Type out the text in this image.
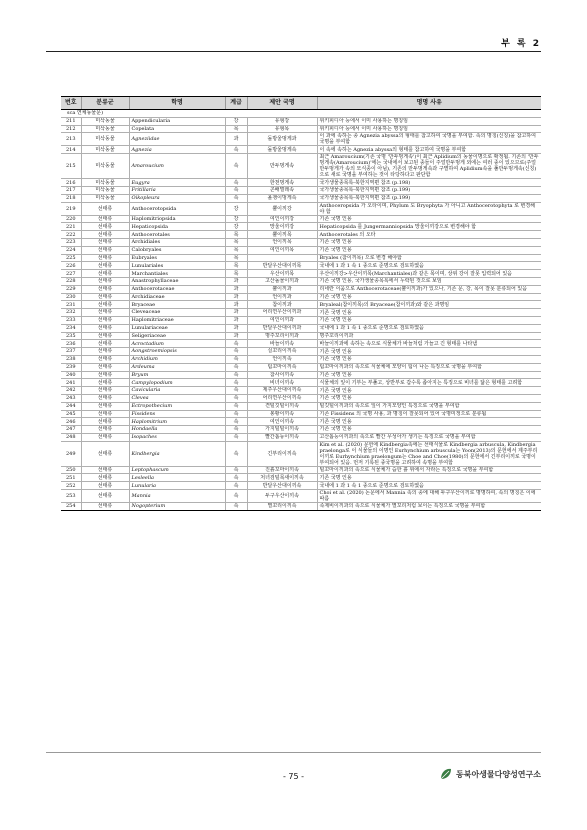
부 록 2
번호	분류군	학명	계급	제안 국명	명명 사유
sca 연체동물문)					
211	미삭동물	Appendicularia	강	유형강	위키피디아 등에서 이미 사용하는 명칭임
212	미삭동물	Copelata	목	유형목	위키피디아 등에서 이미 사용하는 명칭임
213	미삭동물	Agneziidae	과	돌방울멍게과	이 과에 속하는 종 Agnezia abyssa의 형태를 참고하여 국명을 부여함. 속의 명칭(신칭)을 참고하여 국명을 부여함
214	미삭동물	Agnezia	속	돌방울멍게속	이 속에 속하는 Agnezia abyssa의 형태를 참고하여 국명을 부여함
215	미삭동물	Amaroucium	속	만두멍게속	최근 Amaroucium(기존 국명 '만두멍게속')이 최근 Aplidium의 동물이명으로 확정됨. 기존의 '만두멍게속(Amaroucium)'에는 국내에서 보고된 종들이 주얼만두멍게 외에는 여러 종이 있으므로(주얼만두멍게가 속의 모식종이 아님), 기존의 만두멍게속과 구별하여 Aplidium속을 풀만두멍게속(신칭)으로 새로 국명을 부여하는 것이 타당하다고 판단함
216	미삭동물	Eugyra	속	한천멍게속	국가생물종목록-북한지역편 참조 (p.198)
217	미삭동물	Fritillaria	속	곤배멀레속	국가생물종목록-북한지역편 참조 (p.199)
218	미삭동물	Oikopleura	속	올챙이멍게속	국가생물종목록-북한지역편 참조 (p.199)
219	선태류	Anthocerotopsida	강	뿔이끼강	Anthoceropsida 가 오타이며, Phylum 도 Bryophyta 가 아니고 Anthocerotophyta 로 변경해야 함
220	선태류	Haplomitriopsida	강	여인이끼강	기존 국명 인용
221	선태류	Hepaticopsida	강	망울이끼강	Hepaticopsida 를 Jungermanniopsida 망울이끼강으로 변경해야 함
222	선태류	Anthocerotales	목	뿔이끼목	Anthocerotales 의 오타
223	선태류	Archidiales	목	언이끼목	기존 국명 인용
224	선태류	Calobryales	목	여인이끼목	기존 국명 인용
225	선태류	Eubryales	목		Bryales (참이끼목) 으로 변경 해야함
226	선태류	Lunulariales	목	반달우산대이끼목	국내에 1 과 1 속 1 종으로 준명으로 검토하였음
227	선태류	Marchantiales	목	우산이끼목	우산이끼강>우산이끼목(Marchantiales)과 같은 목이며, 상위 강이 잘못 입력되어 있음
228	선태류	Anastrophyllaceae	과	고산돌물이끼과	기존 국명 인용, 국가생물종목록에서 누락된 것으로 보임
229	선태류	Anthocerotaceae	과	뿔이끼과	리네란 이움으로 Anthocerotaceae(뿔이끼과)가 있으나, 기존 문, 강, 목이 잘못 분류되어 있음
230	선태류	Archidiaceae	과	언이끼과	기존 국명 인용
231	선태류	Bryaceae	과	참이끼과	Bryaleal(참이끼목)의 Bryaceae(참이끼과)와 같은 과명임
232	선태류	Cleveaceae	과	어리연우산이끼과	기존 국명 인용
233	선태류	Haplomitriaceae	과	여인이끼과	기존 국명 인용
234	선태류	Lunulariaceae	과	반달우산대이끼과	국내에 1 과 1 속 1 종으로 준명으로 검토하였음
235	선태류	Seligeriaceae	과	명주꼬리이끼과	명주꼬리이끼과
236	선태류	Acroctadium	속	바늘이끼속	바늘이끼과에 속하는 속으로 식물체가 바늘처럼 가늘고 긴 형태를 나타냄
237	선태류	Aongstroemiopsis	속	실꼬리이끼속	기존 국명 인용
238	선태류	Archidium	속	언이끼속	기존 국명 인용
239	선태류	Ardeuma	속	팀꼬마이끼속	팀꼬마이끼과의 속으로 식물체에 모양이 팀이 나는 특징으로 국명을 부여함
240	선태류	Bryum	속	참사이끼속	기존 국명 인용
241	선태류	Campylopodium	속	비녀이끼속	식물체의 잎이 기부는 부풀고, 상반부로 갑수록 좁아지는 특징으로 비녀를 닮은 형태를 고려함
242	선태류	Cavicularia	속	제주우산대이끼속	기존 국명 인용
243	선태류	Clevea	속	어리연우산이끼속	기존 국명 인용
244	선태류	Ectropothecium	속	견털깃털이끼속	털깃털이끼과의 속으로 잎이 가지모양인 특징으로 국명을 부여함
245	선태류	Fissidens	속	봉황이끼속	기존 Fissidens 의 국명 사용, 과 명칭이 잘못되어 있어 국명미정으로 분류됨
246	선태류	Haplomitrium	속	여인이끼속	기존 국명 인용
247	선태류	Hondaella	속	가지털털이끼속	기존 국명 인용
248	선태류	Isopaches	속	빨간톱등이끼속	고산톱등이끼과의 속으로 빨간 무성아가 생기는 특징으로 국명을 부여함
249	선태류	Kindbergia	속	긴부리이끼속	Kim et al. (2020) 문헌에 Kindbergia속에는 선태식물로 Kindbergia arbuscula, Kindbergia praelonga로 이 식물들의 이명인 Eurhynchium arbuscula는 Yoon(2013)의 문헌에서 제주부리이끼로 Eurhynchium praelongum는 Choe and Choe(1980)의 문헌에서 긴부리이끼로 국명이 부여되어 있음. 먼저 기록된 종국명을 고려하여 속명을 부여함
250	선태류	Leptophascum	속	진흙꼬마이끼속	털꼬마이끼과의 속으로 식물체가 습한 흙 위에서 자라는 특징으로 국명을 부여함
251	선태류	Lesleella	속	처녀검털목새이끼속	기존 국명 인용
252	선태류	Lunularia	속	반달우산대이끼속	국내에 1 과 1 속 1 종으로 준명으로 검토하였음
253	선태류	Mannia	속	두구우산이끼속	Choi et al. (2020) 논문에서 Mannia 속의 종에 대해 두구우산이끼로 명명하여, 속의 명칭은 이에 따름
254	선태류	Nogopterium	속	별꼬리이끼속	족제비이끼과의 속으로 식물체가 별꼬리처럼 보이는 특징으로 국명을 부여함
- 75 -	동북아생물다양성연구소
